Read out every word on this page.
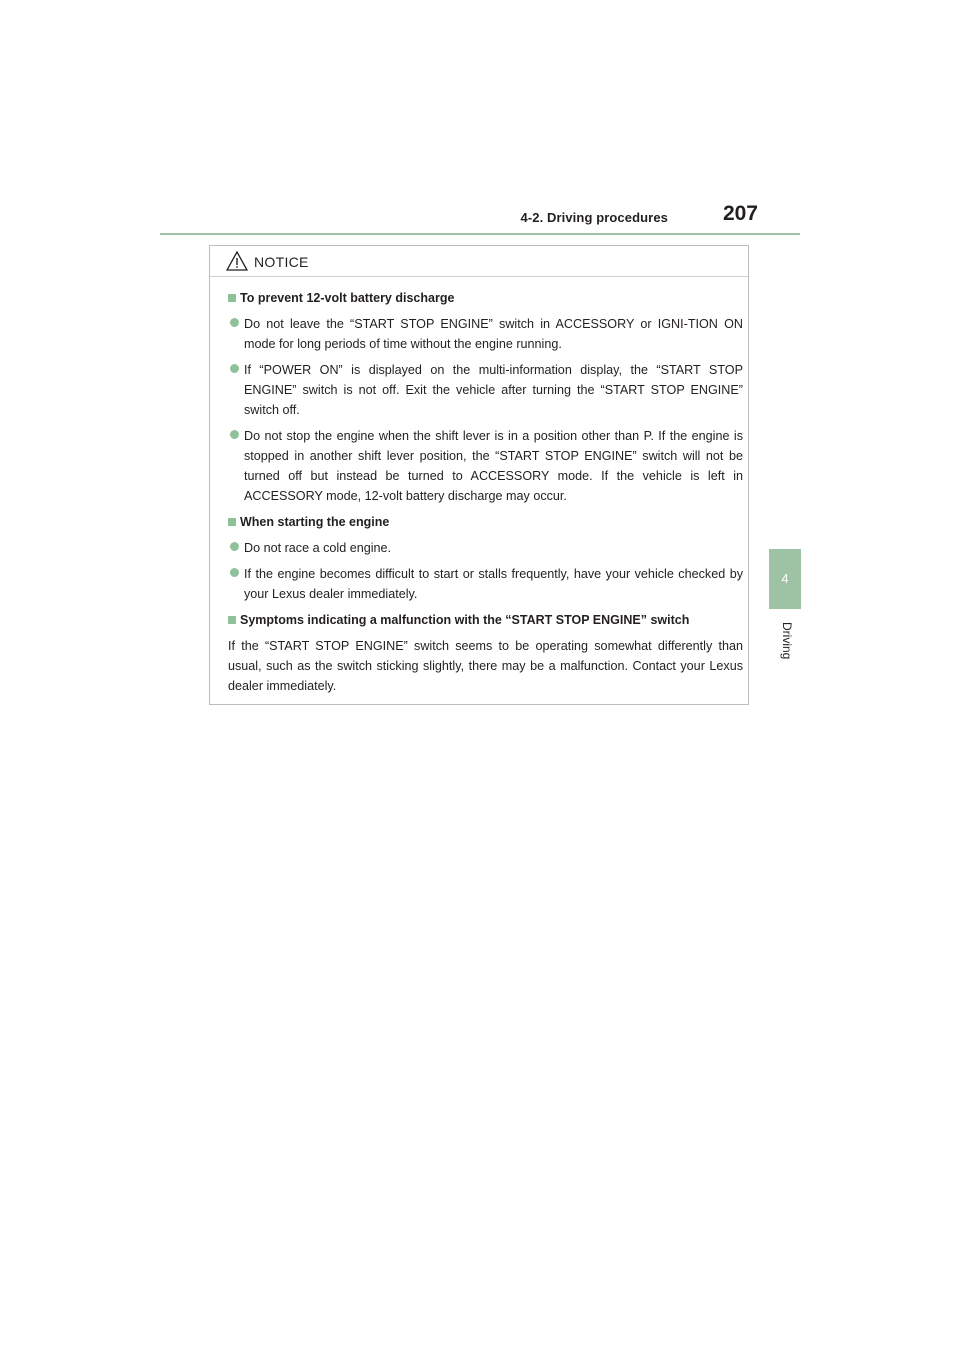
4-2. Driving procedures	207
4
Driving
NOTICE
To prevent 12-volt battery discharge
Do not leave the “START STOP ENGINE” switch in ACCESSORY or IGNI-TION ON mode for long periods of time without the engine running.
If “POWER ON” is displayed on the multi-information display, the “START STOP ENGINE” switch is not off. Exit the vehicle after turning the “START STOP ENGINE” switch off.
Do not stop the engine when the shift lever is in a position other than P. If the engine is stopped in another shift lever position, the “START STOP ENGINE” switch will not be turned off but instead be turned to ACCESSORY mode. If the vehicle is left in ACCESSORY mode, 12-volt battery discharge may occur.
When starting the engine
Do not race a cold engine.
If the engine becomes difficult to start or stalls frequently, have your vehicle checked by your Lexus dealer immediately.
Symptoms indicating a malfunction with the “START STOP ENGINE” switch
If the “START STOP ENGINE” switch seems to be operating somewhat differently than usual, such as the switch sticking slightly, there may be a malfunction. Contact your Lexus dealer immediately.
